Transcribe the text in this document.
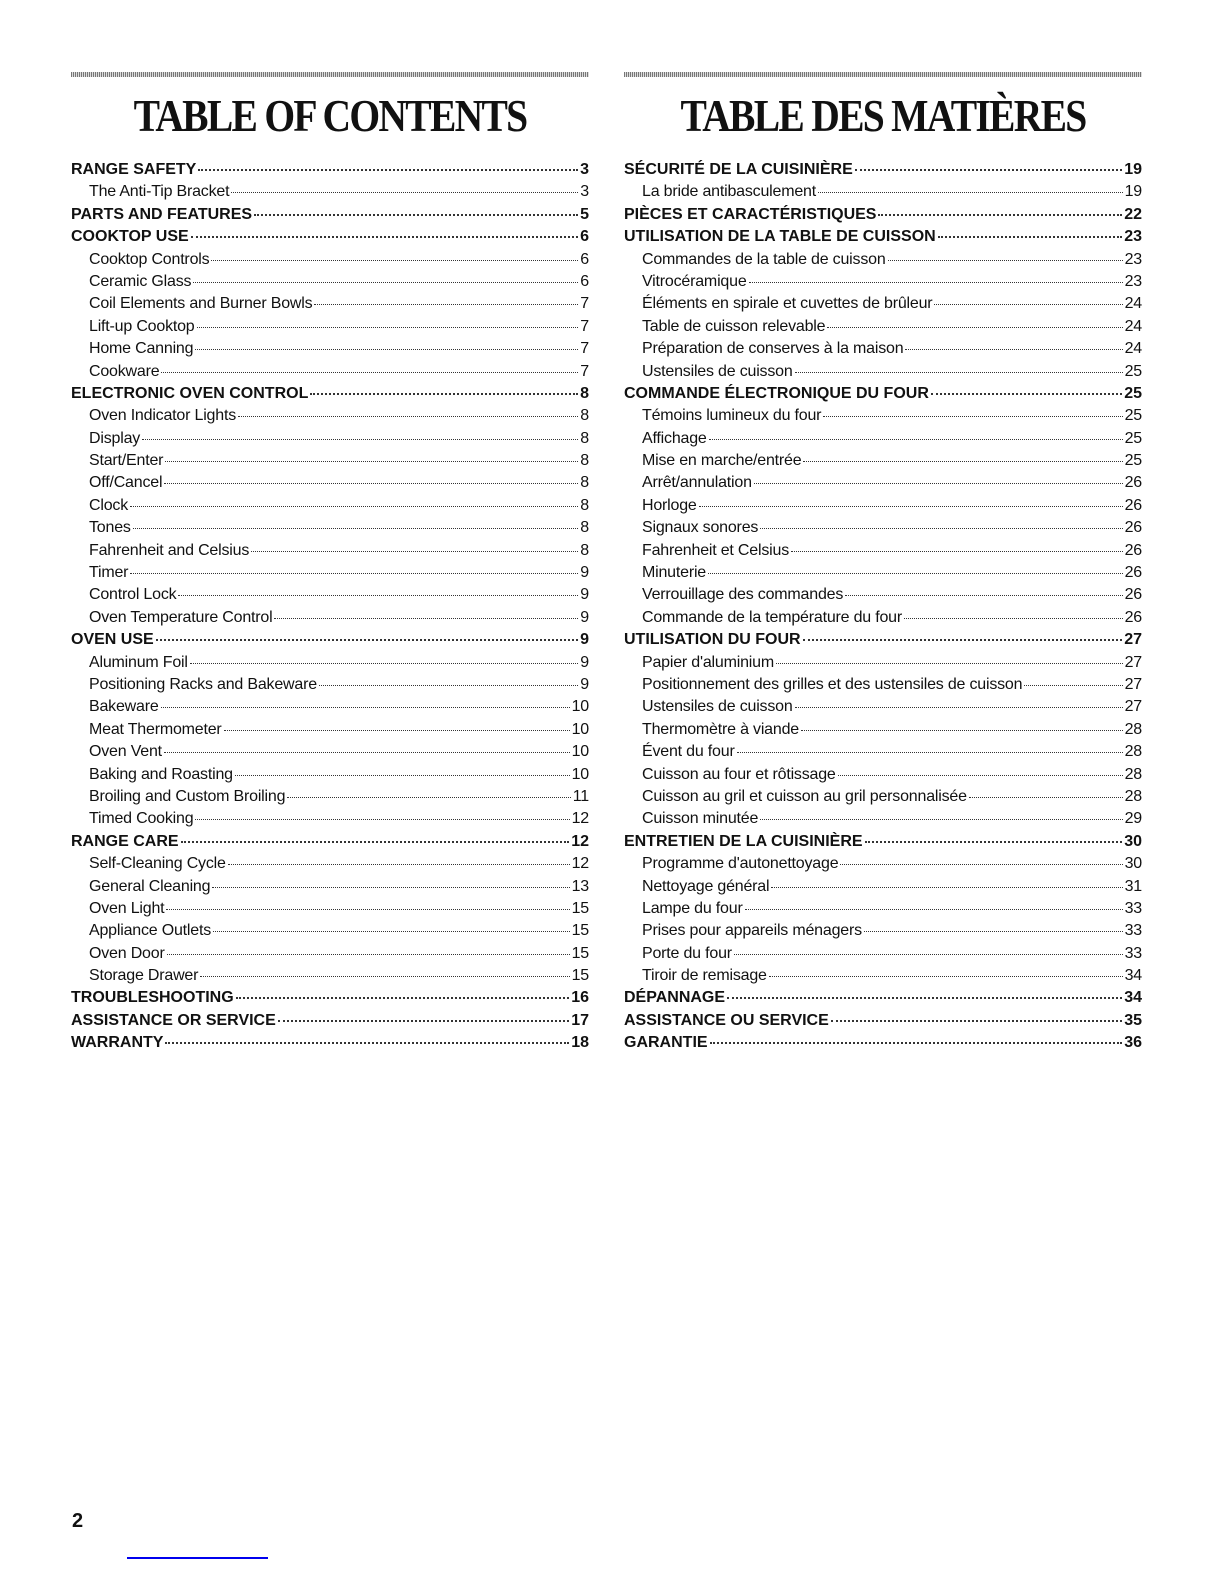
TABLE OF CONTENTS
RANGE SAFETY	3
The Anti-Tip Bracket	3
PARTS AND FEATURES	5
COOKTOP USE	6
Cooktop Controls	6
Ceramic Glass	6
Coil Elements and Burner Bowls	7
Lift-up Cooktop	7
Home Canning	7
Cookware	7
ELECTRONIC OVEN CONTROL	8
Oven Indicator Lights	8
Display	8
Start/Enter	8
Off/Cancel	8
Clock	8
Tones	8
Fahrenheit and Celsius	8
Timer	9
Control Lock	9
Oven Temperature Control	9
OVEN USE	9
Aluminum Foil	9
Positioning Racks and Bakeware	9
Bakeware	10
Meat Thermometer	10
Oven Vent	10
Baking and Roasting	10
Broiling and Custom Broiling	11
Timed Cooking	12
RANGE CARE	12
Self-Cleaning Cycle	12
General Cleaning	13
Oven Light	15
Appliance Outlets	15
Oven Door	15
Storage Drawer	15
TROUBLESHOOTING	16
ASSISTANCE OR SERVICE	17
WARRANTY	18
TABLE DES MATIÈRES
SÉCURITÉ DE LA CUISINIÈRE	19
La bride antibasculement	19
PIÈCES ET CARACTÉRISTIQUES	22
UTILISATION DE LA TABLE DE CUISSON	23
Commandes de la table de cuisson	23
Vitrocéramique	23
Éléments en spirale et cuvettes de brûleur	24
Table de cuisson relevable	24
Préparation de conserves à la maison	24
Ustensiles de cuisson	25
COMMANDE ÉLECTRONIQUE DU FOUR	25
Témoins lumineux du four	25
Affichage	25
Mise en marche/entrée	25
Arrêt/annulation	26
Horloge	26
Signaux sonores	26
Fahrenheit et Celsius	26
Minuterie	26
Verrouillage des commandes	26
Commande de la température du four	26
UTILISATION DU FOUR	27
Papier d'aluminium	27
Positionnement des grilles et des ustensiles de cuisson	27
Ustensiles de cuisson	27
Thermomètre à viande	28
Évent du four	28
Cuisson au four et rôtissage	28
Cuisson au gril et cuisson au gril personnalisée	28
Cuisson minutée	29
ENTRETIEN DE LA CUISINIÈRE	30
Programme d'autonettoyage	30
Nettoyage général	31
Lampe du four	33
Prises pour appareils ménagers	33
Porte du four	33
Tiroir de remisage	34
DÉPANNAGE	34
ASSISTANCE OU SERVICE	35
GARANTIE	36
2
